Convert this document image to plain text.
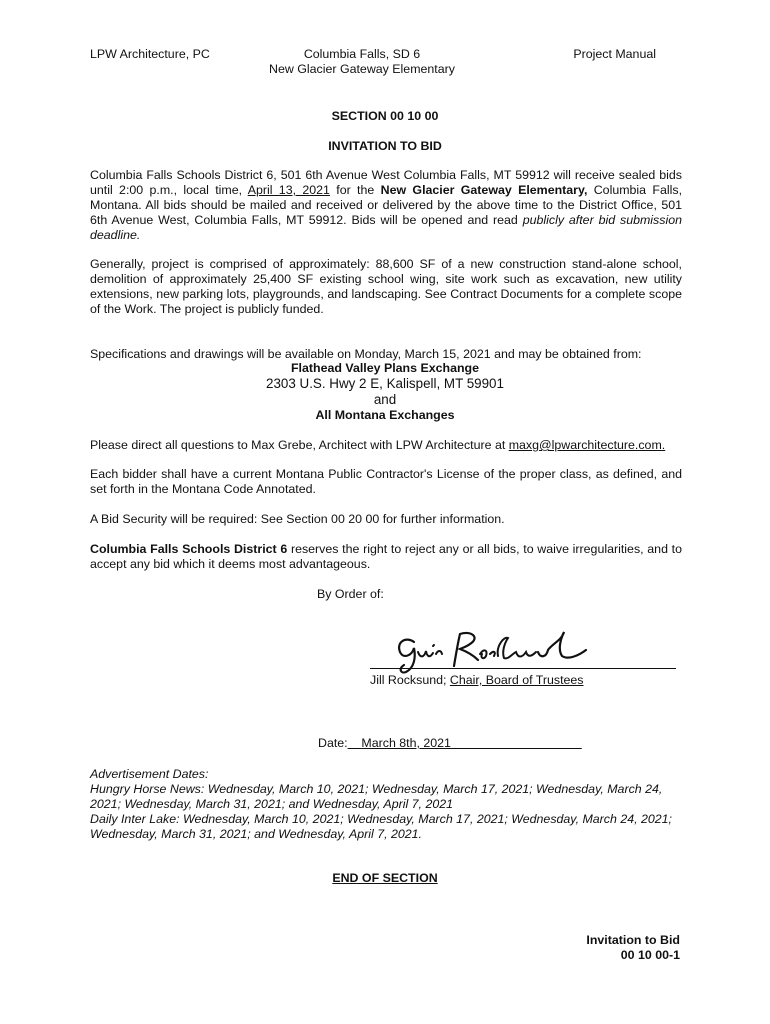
LPW Architecture, PC	Columbia Falls, SD 6
New Glacier Gateway Elementary
Project Manual
SECTION 00 10 00
INVITATION TO BID
Columbia Falls Schools District 6, 501 6th Avenue West Columbia Falls, MT 59912 will receive sealed bids until 2:00 p.m., local time, April 13, 2021 for the New Glacier Gateway Elementary, Columbia Falls, Montana. All bids should be mailed and received or delivered by the above time to the District Office, 501 6th Avenue West, Columbia Falls, MT 59912. Bids will be opened and read publicly after bid submission deadline.
Generally, project is comprised of approximately: 88,600 SF of a new construction stand-alone school, demolition of approximately 25,400 SF existing school wing, site work such as excavation, new utility extensions, new parking lots, playgrounds, and landscaping. See Contract Documents for a complete scope of the Work. The project is publicly funded.
Specifications and drawings will be available on Monday, March 15, 2021 and may be obtained from:
Flathead Valley Plans Exchange
2303 U.S. Hwy 2 E, Kalispell, MT 59901
and
All Montana Exchanges
Please direct all questions to Max Grebe, Architect with LPW Architecture at maxg@lpwarchitecture.com.
Each bidder shall have a current Montana Public Contractor's License of the proper class, as defined, and set forth in the Montana Code Annotated.
A Bid Security will be required: See Section 00 20 00 for further information.
Columbia Falls Schools District 6 reserves the right to reject any or all bids, to waive irregularities, and to accept any bid which it deems most advantageous.
By Order of:
Jill Rocksund; Chair, Board of Trustees
Date: March 8th, 2021
Advertisement Dates:
Hungry Horse News: Wednesday, March 10, 2021; Wednesday, March 17, 2021; Wednesday, March 24, 2021; Wednesday, March 31, 2021; and Wednesday, April 7, 2021
Daily Inter Lake: Wednesday, March 10, 2021; Wednesday, March 17, 2021; Wednesday, March 24, 2021; Wednesday, March 31, 2021; and Wednesday, April 7, 2021.
END OF SECTION
Invitation to Bid
00 10 00-1
